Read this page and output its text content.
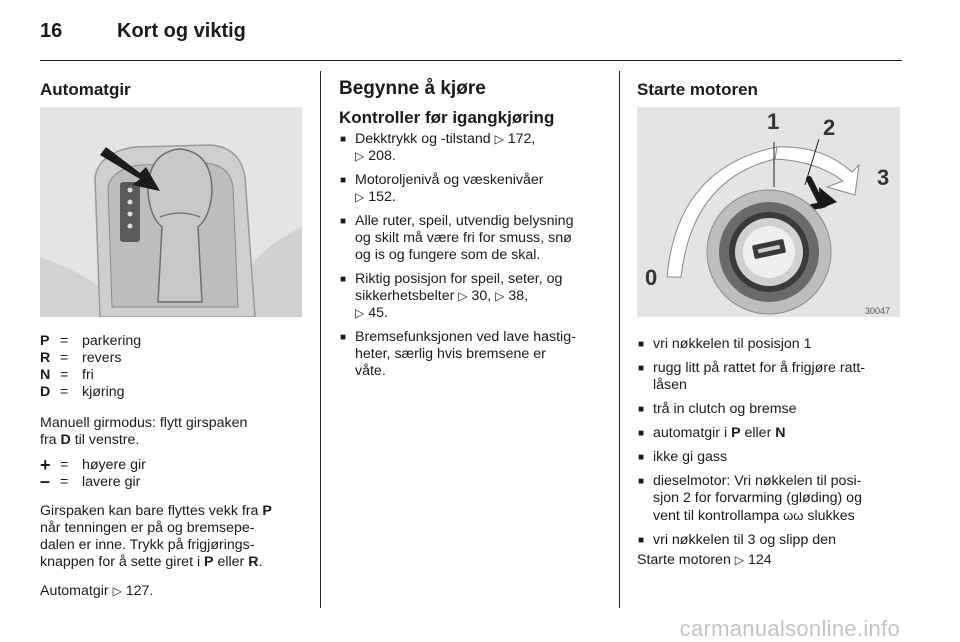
16	Kort og viktig
Automatgir
P = parkering
R = revers
N = fri
D = kjøring
Manuell girmodus: flytt girspaken
fra D til venstre.
+ = høyere gir
– = lavere gir
Girspaken kan bare flyttes vekk fra P
når tenningen er på og bremsepe-
dalen er inne. Trykk på frigjørings-
knappen for å sette giret i P eller R.
Automatgir ▷ 127.
Begynne å kjøre
Kontroller før igangkjøring
■ Dekktrykk og -tilstand ▷ 172,
▷ 208.
■ Motoroljenivå og væskenivåer
▷ 152.
■ Alle ruter, speil, utvendig belysning
og skilt må være fri for smuss, snø
og is og fungere som de skal.
■ Riktig posisjon for speil, seter, og
sikkerhetsbelter ▷ 30, ▷ 38,
▷ 45.
■ Bremsefunksjonen ved lave hastig-
heter, særlig hvis bremsene er
våte.
Starte motoren
1 2
3
0
30047
■ vri nøkkelen til posisjon 1
■ rugg litt på rattet for å frigjøre ratt-
låsen
■ trå in clutch og bremse
■ automatgir i P eller N
■ ikke gi gass
■ dieselmotor: Vri nøkkelen til posi-
sjon 2 for forvarming (gløding) og
vent til kontrollampa ωω slukkes
■ vri nøkkelen til 3 og slipp den
Starte motoren ▷ 124
carmanualsonline.info
